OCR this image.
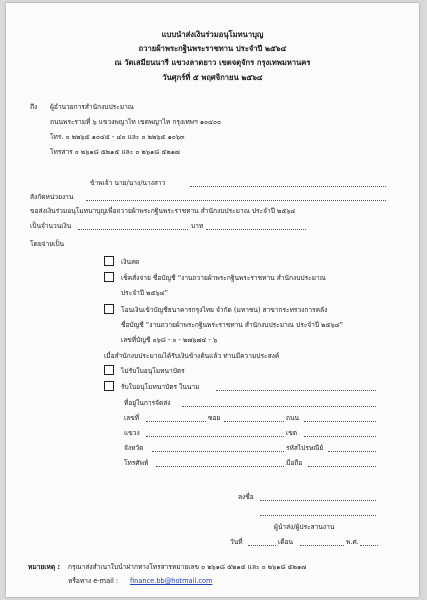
แบบนำส่งเงินร่วมอนุโมทนาบุญ
ถวายผ้าพระกฐินพระราชทาน ประจำปี ๒๕๖๔
ณ วัดเสมียนนารี แขวงลาดยาว เขตจตุจักร กรุงเทพมหานคร
วันศุกร์ที่ ๕ พฤศจิกายน ๒๕๖๔
ถึง ผู้อำนวยการสำนักงบประมาณ
ถนนพระรามที่ ๖ แขวงพญาไท เขตพญาไท กรุงเทพฯ ๑๐๔๐๐
โทร. ๐ ๒๒๖๕ ๑๐๔๕ - ๔๐ และ ๐ ๒๒๖๕ ๑๐๖๓
โทรสาร ๐ ๒๖๑๘ ๕๒๑๕ และ ๐ ๒๖๑๘ ๕๒๑๗
ข้าพเจ้า นาย/นาง/นางสาว
สังกัดหน่วยงาน
ขอส่งเงินร่วมอนุโมทนาบุญเพื่อถวายผ้าพระกฐินพระราชทาน สำนักงบประมาณ ประจำปี ๒๕๖๔
เป็นจำนวนเงิน	บาท
โดยจ่ายเป็น
เงินสด
เช็คสั่งจ่าย ชื่อบัญชี “งานถวายผ้าพระกฐินพระราชทาน สำนักงบประมาณ
ประจำปี ๒๕๖๔”
โอนเงินเข้าบัญชีธนาคารกรุงไทย จำกัด (มหาชน) สาขากระทรวงการคลัง
ชื่อบัญชี “งานถวายผ้าพระกฐินพระราชทาน สำนักงบประมาณ ประจำปี ๒๕๖๔”
เลขที่บัญชี ๐๖๘ - ๐ - ๒๗๖๗๔ - ๖
เมื่อสำนักงบประมาณได้รับเงินข้างต้นแล้ว ท่านมีความประสงค์
ไม่รับใบอนุโมทนาบัตร
รับใบอนุโมทนาบัตร ในนาม
ที่อยู่ในการจัดส่ง
เลขที่	ซอย	ถนน
แขวง	เขต
จังหวัด	รหัสไปรษณีย์
โทรศัพท์	มือถือ
ลงชื่อ
ผู้นำส่ง/ผู้ประสานงาน
วันที่	เดือน	พ.ศ.
หมายเหตุ : กรุณาส่งสำเนาใบนำฝากทางโทรสารหมายเลข ๐ ๒๖๑๘ ๕๒๑๕ และ ๐ ๒๖๑๘ ๕๒๑๗
หรือทาง e-mail : finance.bb@hotmail.com
